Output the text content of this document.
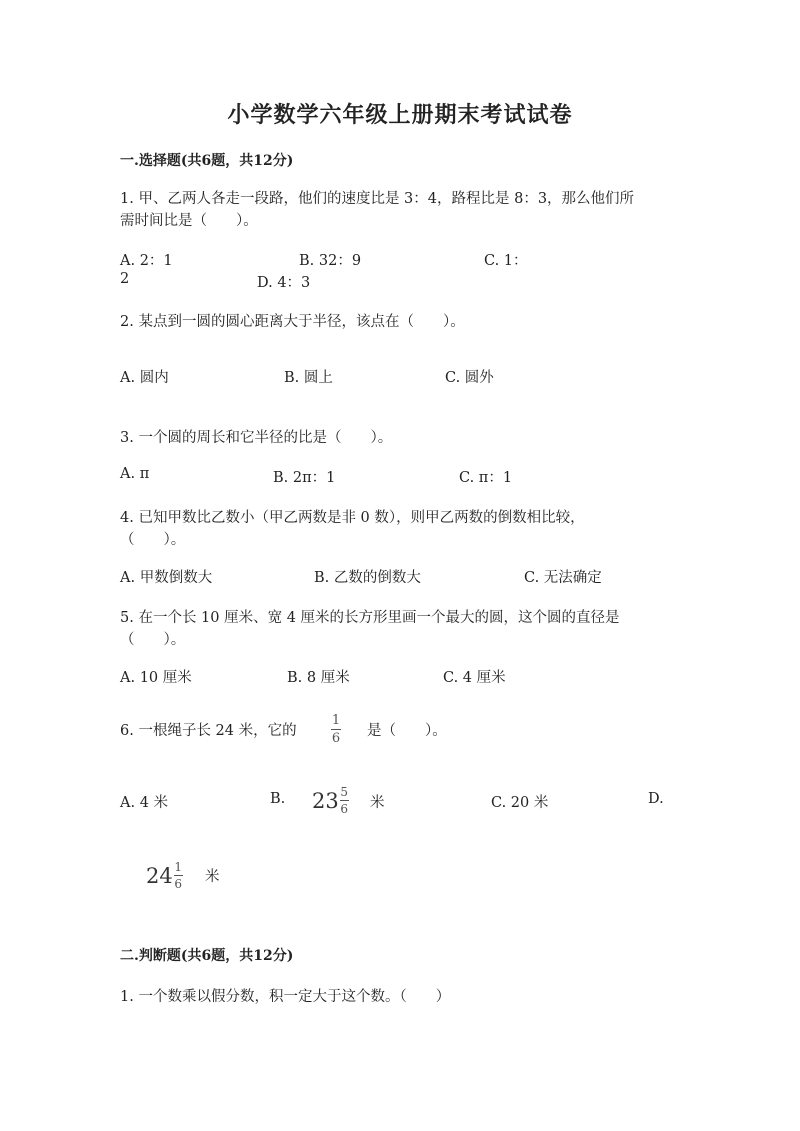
小学数学六年级上册期末考试试卷
一.选择题(共6题，共12分)
1. 甲、乙两人各走一段路，他们的速度比是 3：4，路程比是 8：3，那么他们所
需时间比是（　　）。
A. 2：1	B. 32：9	C. 1：
2	D. 4：3
2. 某点到一圆的圆心距离大于半径，该点在（　　）。
A. 圆内	B. 圆上	C. 圆外
3. 一个圆的周长和它半径的比是（　　）。
A. π	B. 2π：1	C. π：1
4. 已知甲数比乙数小（甲乙两数是非 0 数），则甲乙两数的倒数相比较，
（　　）。
A. 甲数倒数大	B. 乙数的倒数大	C. 无法确定
5. 在一个长 10 厘米、宽 4 厘米的长方形里画一个最大的圆，这个圆的直径是
（　　）。
A. 10 厘米	B. 8 厘米	C. 4 厘米
6. 一根绳子长 24 米，它的
1
6 是（　　）。
A. 4 米	B. $23 \frac{5}{6}$ 米	C. 20 米	D.
$24 \frac{1}{6}$ 米
二.判断题(共6题，共12分)
1. 一个数乘以假分数，积一定大于这个数。（　　）
